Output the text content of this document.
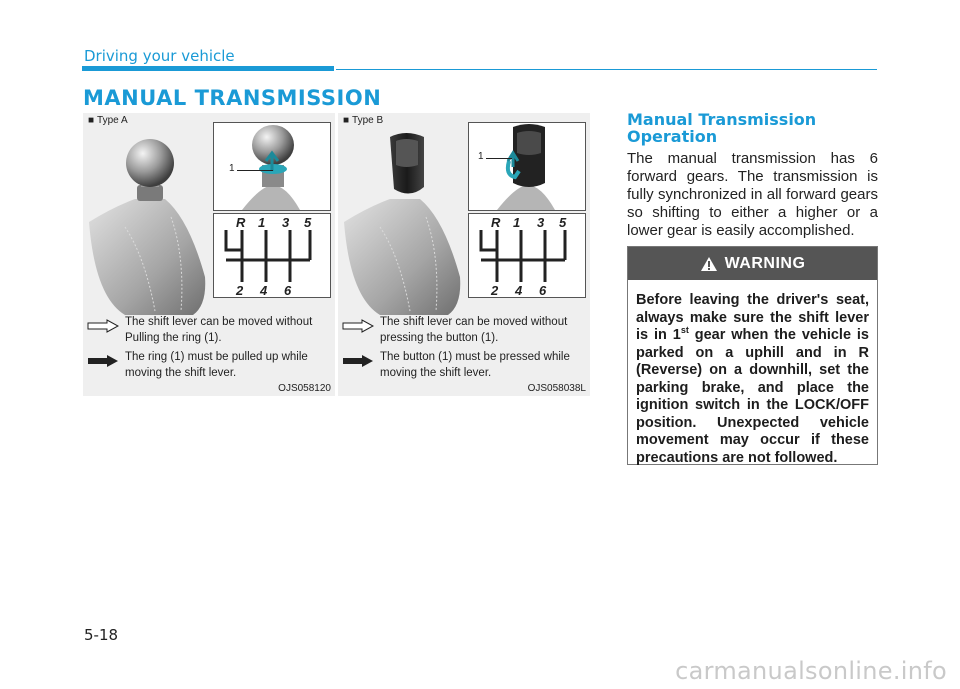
Driving your vehicle
MANUAL TRANSMISSION
■ Type A
1
R 1 3 5
2 4 6
The shift lever can be moved without Pulling the ring (1).
The ring (1) must be pulled up while moving the shift lever.
OJS058120
■ Type B
1
R 1 3 5
2 4 6
The shift lever can be moved without pressing the button (1).
The button (1) must be pressed while moving the shift lever.
OJS058038L
Manual Transmission Operation
The manual transmission has 6 forward gears. The transmission is fully synchronized in all forward gears so shifting to either a higher or a lower gear is easily accomplished.
WARNING
Before leaving the driver's seat, always make sure the shift lever is in 1st gear when the vehicle is parked on a uphill and in R (Reverse) on a downhill, set the parking brake, and place the ignition switch in the LOCK/OFF position. Unexpected vehicle movement may occur if these precautions are not followed.
5-18
carmanualsonline.info
